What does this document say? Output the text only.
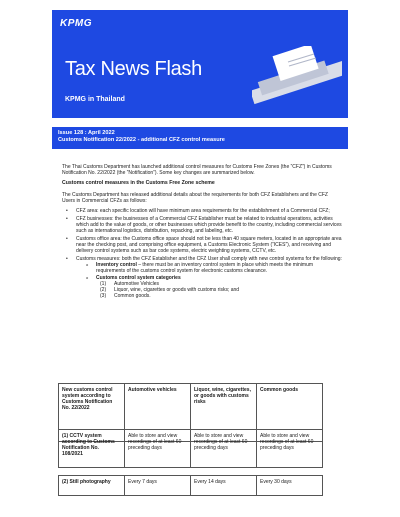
KPMG
Tax News Flash
KPMG in Thailand
Issue 128 : April 2022
Customs Notification 22/2022 - additional CFZ control measure

The Thai Customs Department has launched additional control measures for Customs Free Zones (the “CFZ”) in Customs Notification No. 22/2022 (the “Notification”). Some key changes are summarized below.

Customs control measures in the Customs Free Zone scheme

The Customs Department has released additional details about the requirements for both CFZ Establishers and the CFZ Users in Commercial CFZs as follows:

• CFZ area: each specific location will have minimum area requirements for the establishment of a Commercial CFZ;
• CFZ businesses: the businesses of a Commercial CFZ Establisher must be related to industrial operations, activities which add to the value of goods, or other businesses which provide benefit to the country, including commercial services such as international logistics, distribution, repacking, and labeling, etc.
• Customs office area: the Customs office space should not be less than 40 square meters, located in an appropriate area near the checking post, and comprising office equipment, a Customs Electronic System (“ICES”), and receiving and delivery control systems such as bar code systems, electric weighting systems, CCTV, etc.
• Customs measures: both the CFZ Establisher and the CFZ User shall comply with new control systems for the following:
o Inventory control – there must be an inventory control system in place which meets the minimum requirements of the customs control system for electronic customs clearance.
o Customs control system categories
(1) Automotive Vehicles
(2) Liquor, wine, cigarettes or goods with customs risks; and
(3) Common goods.
New customs control system according to Customs Notification No. 22/2022	Automotive vehicles	Liquor, wine, cigarettes, or goods with customs risks	Common goods
(1) CCTV system according to Customs Notification No. 108/2021	Able to store and view recordings of at least 60 preceding days	Able to store and view recordings of at least 60 preceding days	Able to store and view recordings of at least 60 preceding days
(2) Still photography	Every 7 days	Every 14 days	Every 30 days
